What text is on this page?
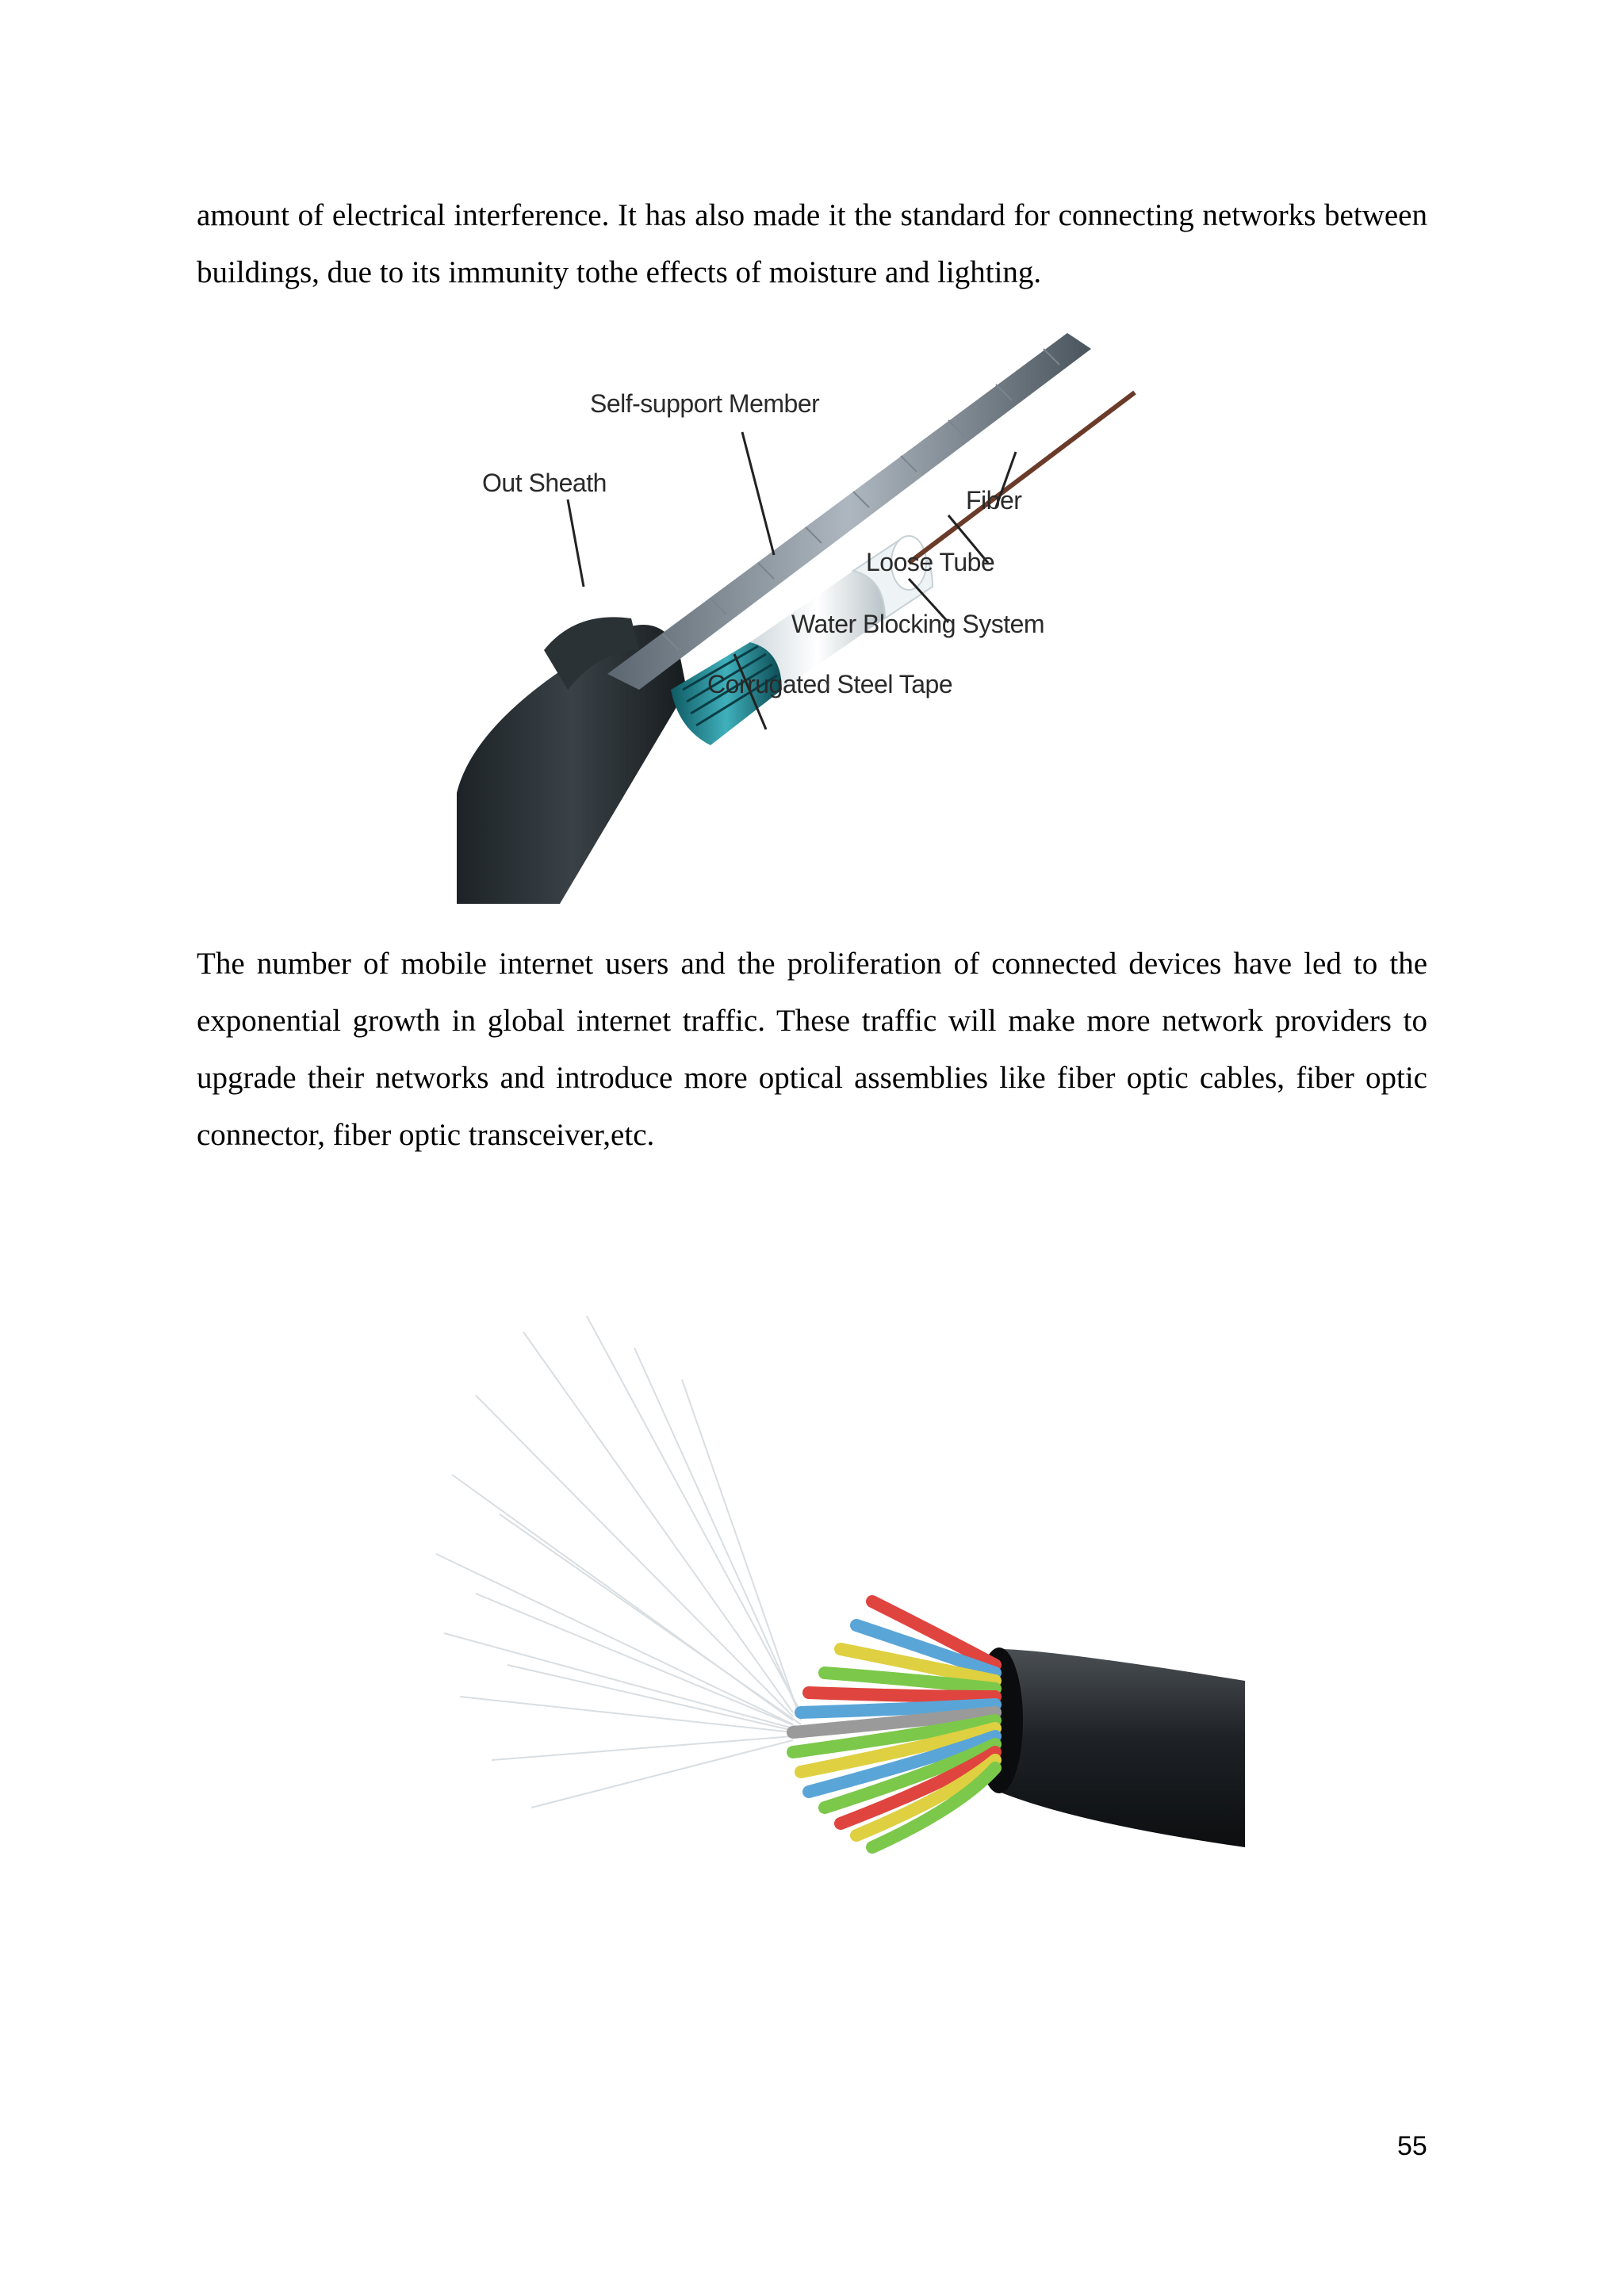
amount of electrical interference. It has also made it the standard for connecting networks between buildings, due to its immunity tothe effects of moisture and lighting.

Self-support Member
Out Sheath
Fiber
Loose Tube
Water Blocking System
Corrugated Steel Tape

The number of mobile internet users and the proliferation of connected devices have led to the exponential growth in global internet traffic. These traffic will make more network providers to upgrade their networks and introduce more optical assemblies like fiber optic cables, fiber optic connector, fiber optic transceiver,etc.

55
